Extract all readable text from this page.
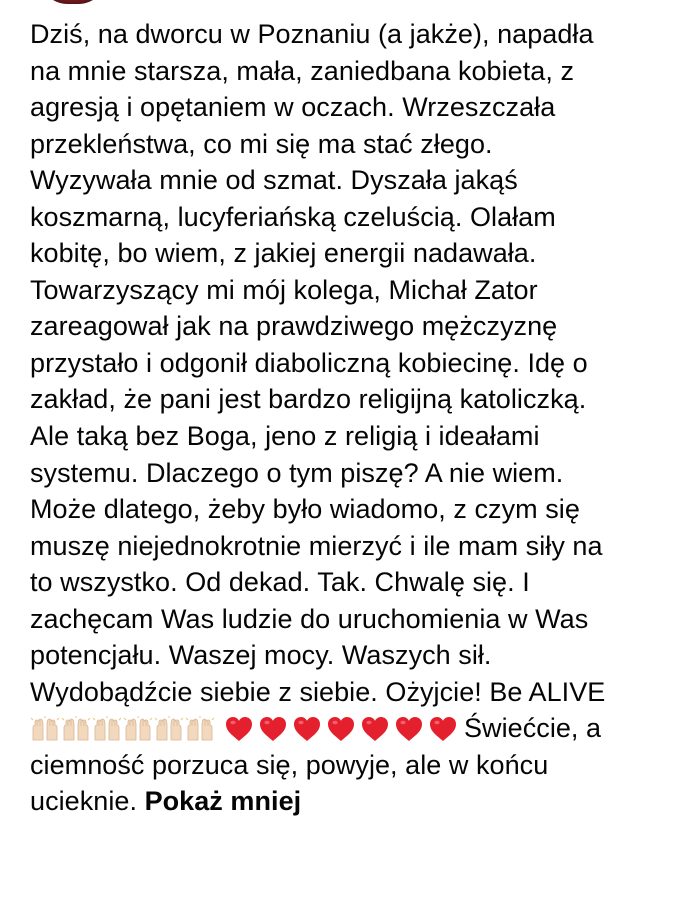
Dziś, na dworcu w Poznaniu (a jakże), napadła
na mnie starsza, mała, zaniedbana kobieta, z
agresją i opętaniem w oczach. Wrzeszczała
przekleństwa, co mi się ma stać złego.
Wyzywała mnie od szmat. Dyszała jakąś
koszmarną, lucyferiańską czeluścią. Olałam
kobitę, bo wiem, z jakiej energii nadawała.
Towarzyszący mi mój kolega, Michał Zator
zareagował jak na prawdziwego mężczyznę
przystało i odgonił diaboliczną kobiecinę. Idę o
zakład, że pani jest bardzo religijną katoliczką.
Ale taką bez Boga, jeno z religią i ideałami
systemu. Dlaczego o tym piszę? A nie wiem.
Może dlatego, żeby było wiadomo, z czym się
muszę niejednokrotnie mierzyć i ile mam siły na
to wszystko. Od dekad. Tak. Chwalę się. I
zachęcam Was ludzie do uruchomienia w Was
potencjału. Waszej mocy. Waszych sił.
Wydobądźcie siebie z siebie. Ożyjcie! Be ALIVE
Świećcie, a
ciemność porzuca się, powyje, ale w końcu
ucieknie. Pokaż mniej
